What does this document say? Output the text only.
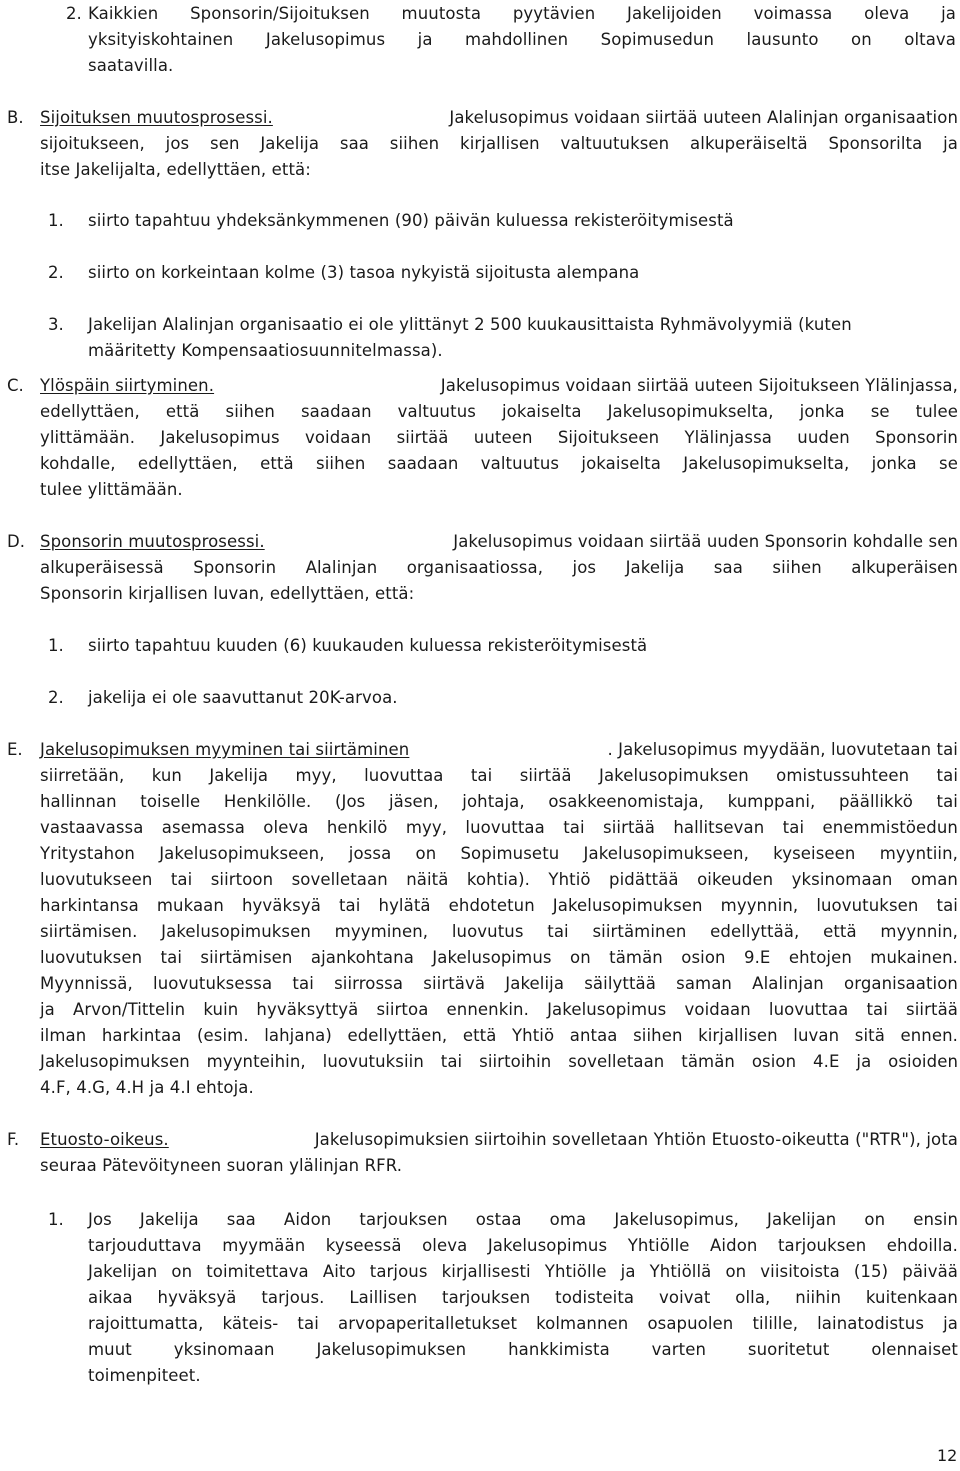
2. Kaikkien Sponsorin/Sijoituksen muutosta pyytävien Jakelijoiden voimassa oleva ja
yksityiskohtainen Jakelusopimus ja mahdollinen Sopimusedun lausunto on oltava
saatavilla.
B. Sijoituksen muutosprosessi.	Jakelusopimus voidaan siirtää uuteen Alalinjan organisaation
sijoitukseen, jos sen Jakelija saa siihen kirjallisen valtuutuksen alkuperäiseltä Sponsorilta ja
itse Jakelijalta, edellyttäen, että:
1. siirto tapahtuu yhdeksänkymmenen (90) päivän kuluessa rekisteröitymisestä
2. siirto on korkeintaan kolme (3) tasoa nykyistä sijoitusta alempana
3. Jakelijan Alalinjan organisaatio ei ole ylittänyt 2 500 kuukausittaista Ryhmävolyymiä (kuten
määritetty Kompensaatiosuunnitelmassa).
C. Ylöspäin siirtyminen.	Jakelusopimus voidaan siirtää uuteen Sijoitukseen Ylälinjassa,
edellyttäen, että siihen saadaan valtuutus jokaiselta Jakelusopimukselta, jonka se tulee
ylittämään. Jakelusopimus voidaan siirtää uuteen Sijoitukseen Ylälinjassa uuden Sponsorin
kohdalle, edellyttäen, että siihen saadaan valtuutus jokaiselta Jakelusopimukselta, jonka se
tulee ylittämään.
D. Sponsorin muutosprosessi.	Jakelusopimus voidaan siirtää uuden Sponsorin kohdalle sen
alkuperäisessä Sponsorin Alalinjan organisaatiossa, jos Jakelija saa siihen alkuperäisen
Sponsorin kirjallisen luvan, edellyttäen, että:
1. siirto tapahtuu kuuden (6) kuukauden kuluessa rekisteröitymisestä
2. jakelija ei ole saavuttanut 20K-arvoa.
E. Jakelusopimuksen myyminen tai siirtäminen	. Jakelusopimus myydään, luovutetaan tai
siirretään, kun Jakelija myy, luovuttaa tai siirtää Jakelusopimuksen omistussuhteen tai
hallinnan toiselle Henkilölle. (Jos jäsen, johtaja, osakkeenomistaja, kumppani, päällikkö tai
vastaavassa asemassa oleva henkilö myy, luovuttaa tai siirtää hallitsevan tai enemmistöedun
Yritystahon Jakelusopimukseen, jossa on Sopimusetu Jakelusopimukseen, kyseiseen myyntiin,
luovutukseen tai siirtoon sovelletaan näitä kohtia). Yhtiö pidättää oikeuden yksinomaan oman
harkintansa mukaan hyväksyä tai hylätä ehdotetun Jakelusopimuksen myynnin, luovutuksen tai
siirtämisen. Jakelusopimuksen myyminen, luovutus tai siirtäminen edellyttää, että myynnin,
luovutuksen tai siirtämisen ajankohtana Jakelusopimus on tämän osion 9.E ehtojen mukainen.
Myynnissä, luovutuksessa tai siirrossa siirtävä Jakelija säilyttää saman Alalinjan organisaation
ja Arvon/Tittelin kuin hyväksyttyä siirtoa ennenkin. Jakelusopimus voidaan luovuttaa tai siirtää
ilman harkintaa (esim. lahjana) edellyttäen, että Yhtiö antaa siihen kirjallisen luvan sitä ennen.
Jakelusopimuksen myynteihin, luovutuksiin tai siirtoihin sovelletaan tämän osion 4.E ja osioiden
4.F, 4.G, 4.H ja 4.I ehtoja.
F. Etuosto-oikeus.	Jakelusopimuksien siirtoihin sovelletaan Yhtiön Etuosto-oikeutta ("RTR"), jota
seuraa Pätevöityneen suoran ylälinjan RFR.
1. Jos Jakelija saa Aidon tarjouksen ostaa oma Jakelusopimus, Jakelijan on ensin
tarjouduttava myymään kyseessä oleva Jakelusopimus Yhtiölle Aidon tarjouksen ehdoilla.
Jakelijan on toimitettava Aito tarjous kirjallisesti Yhtiölle ja Yhtiöllä on viisitoista (15) päivää
aikaa hyväksyä tarjous. Laillisen tarjouksen todisteita voivat olla, niihin kuitenkaan
rajoittumatta, käteis- tai arvopaperitalletukset kolmannen osapuolen tilille, lainatodistus ja
muut yksinomaan Jakelusopimuksen hankkimista varten suoritetut olennaiset
toimenpiteet.
12
